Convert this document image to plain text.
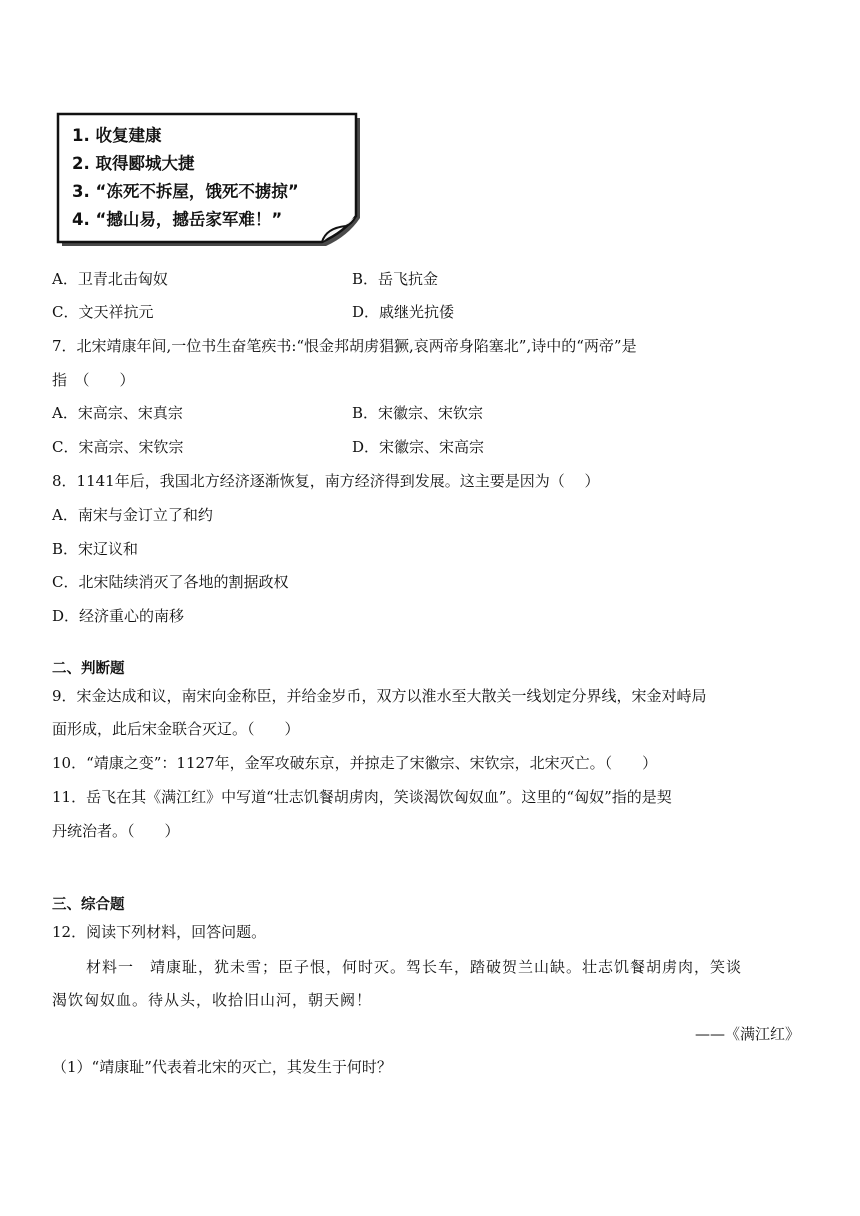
1. 收复建康
2. 取得郾城大捷
3. “冻死不拆屋，饿死不掳掠”
4. “撼山易，撼岳家军难！”
A．卫青北击匈奴	B．岳飞抗金
C．文天祥抗元	D．戚继光抗倭
7．北宋靖康年间,一位书生奋笔疾书:“恨金邦胡虏猖獗,哀两帝身陷塞北”,诗中的“两帝”是
指　（　　）
A．宋高宗、宋真宗	B．宋徽宗、宋钦宗
C．宋高宗、宋钦宗	D．宋徽宗、宋高宗
8．1141年后，我国北方经济逐渐恢复，南方经济得到发展。这主要是因为（　 ）
A．南宋与金订立了和约
B．宋辽议和
C．北宋陆续消灭了各地的割据政权
D．经济重心的南移
二、判断题
9．宋金达成和议，南宋向金称臣，并给金岁币，双方以淮水至大散关一线划定分界线，宋金对峙局
面形成，此后宋金联合灭辽。（　　）
10．“靖康之变”：1127年，金军攻破东京，并掠走了宋徽宗、宋钦宗，北宋灭亡。（　　）
11．岳飞在其《满江红》中写道“壮志饥餐胡虏肉，笑谈渴饮匈奴血”。这里的“匈奴”指的是契
丹统治者。（　　）
三、综合题
12．阅读下列材料，回答问题。
材料一　靖康耻，犹未雪；臣子恨，何时灭。驾长车，踏破贺兰山缺。壮志饥餐胡虏肉，笑谈
渴饮匈奴血。待从头，收拾旧山河，朝天阙！
——《满江红》
（1）“靖康耻”代表着北宋的灭亡，其发生于何时？
